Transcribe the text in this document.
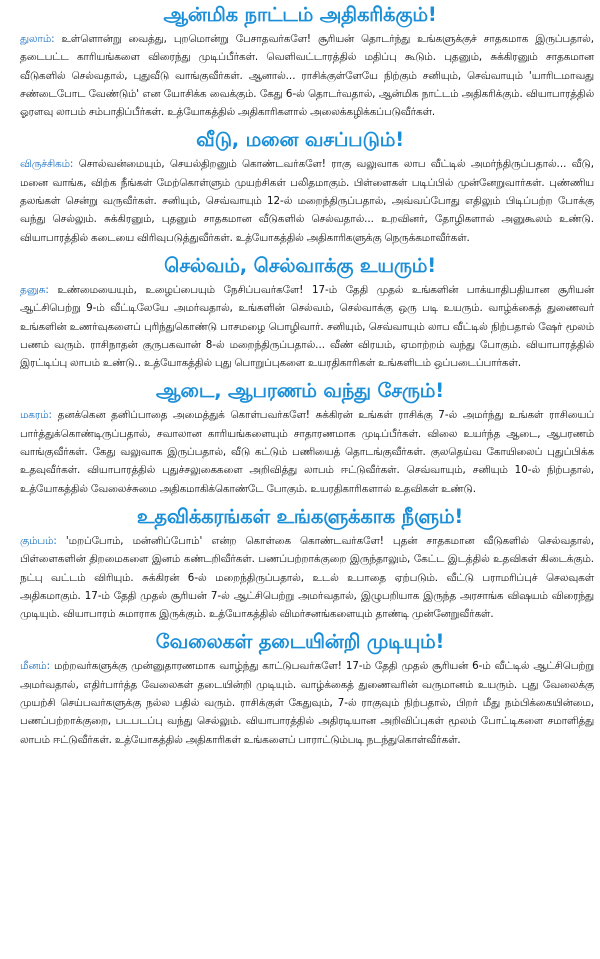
ஆன்மிக நாட்டம் அதிகரிக்கும்!
துலாம்: உள்ளொன்று வைத்து, புறமொன்று பேசாதவர்களே! சூரியன் தொடர்ந்து உங்களுக்குச் சாதகமாக இருப்பதால், தடைபட்ட காரியங்களை விரைந்து முடிப்பீர்கள். வெளிவட்டாரத்தில் மதிப்பு கூடும். புதனும், சுக்கிரனும் சாதகமான வீடுகளில் செல்வதால், புதுவீடு வாங்குவீர்கள். ஆனால்... ராசிக்குள்ளேயே நிற்கும் சனியும், செவ்வாயும் 'யாரிடமாவது சண்டைபோட வேண்டும்' என யோசிக்க வைக்கும். கேது 6-ல் தொடர்வதால், ஆன்மிக நாட்டம் அதிகரிக்கும். வியாபாரத்தில் ஓரளவு லாபம் சம்பாதிப்பீர்கள். உத்யோகத்தில் அதிகாரிகளால் அலைக்கழிக்கப்படுவீர்கள்.
வீடு, மனை வசப்படும்!
விருச்சிகம்: சொல்வன்மையும், செயல்திறனும் கொண்டவர்களே! ராகு வலுவாக லாப வீட்டில் அமர்ந்திருப்பதால்... வீடு, மனை வாங்க, விற்க நீங்கள் மேற்கொள்ளும் முயற்சிகள் பலிதமாகும். பிள்ளைகள் படிப்பில் முன்னேறுவார்கள். புண்ணிய தலங்கள் சென்று வருவீர்கள். சனியும், செவ்வாயும் 12-ல் மறைந்திருப்பதால், அவ்வப்போது எதிலும் பிடிப்பற்ற போக்கு வந்து செல்லும். சுக்கிரனும், புதனும் சாதகமான வீடுகளில் செல்வதால்... உறவினர், தோழிகளால் அனுகூலம் உண்டு. வியாபாரத்தில் கடையை விரிவுபடுத்துவீர்கள். உத்யோகத்தில் அதிகாரிகளுக்கு நெருக்கமாவீர்கள்.
செல்வம், செல்வாக்கு உயரும்!
தனுசு: உண்மையையும், உழைப்பையும் நேசிப்பவர்களே! 17-ம் தேதி முதல் உங்களின் பாக்யாதிபதியான சூரியன் ஆட்சிபெற்று 9-ம் வீட்டிலேயே அமர்வதால், உங்களின் செல்வம், செல்வாக்கு ஒரு படி உயரும். வாழ்க்கைத் துணைவர் உங்களின் உணர்வுகளைப் புரிந்துகொண்டு பாசமழை பொழிவார். சனியும், செவ்வாயும் லாப வீட்டில் நிற்பதால் ஷேர் மூலம் பணம் வரும். ராசிநாதன் குருபகவான் 8-ல் மறைந்திருப்பதால்... வீண் விரயம், ஏமாற்றம் வந்து போகும். வியாபாரத்தில் இரட்டிப்பு லாபம் உண்டு.. உத்யோகத்தில் புது பொறுப்புகளை உயரதிகாரிகள் உங்களிடம் ஒப்படைப்பார்கள்.
ஆடை, ஆபரணம் வந்து சேரும்!
மகரம்: தனக்கென தனிப்பாதை அமைத்துக் கொள்பவர்களே! சுக்கிரன் உங்கள் ராசிக்கு 7-ல் அமர்ந்து உங்கள் ராசியைப் பார்த்துக்கொண்டிருப்பதால், சவாலான காரியங்களையும் சாதாரணமாக முடிப்பீர்கள். விலை உயர்ந்த ஆடை, ஆபரணம் வாங்குவீர்கள். கேது வலுவாக இருப்பதால், வீடு கட்டும் பணியைத் தொடங்குவீர்கள். குலதெய்வ கோயிலைப் புதுப்பிக்க உதவுவீர்கள். வியாபாரத்தில் புதுச்சலுகைகளை அறிவித்து லாபம் ஈட்டுவீர்கள். செவ்வாயும், சனியும் 10-ல் நிற்பதால், உத்யோகத்தில் வேலைச்சுமை அதிகமாகிக்கொண்டே போகும். உயரதிகாரிகளால் உதவிகள் உண்டு.
உதவிக்கரங்கள் உங்களுக்காக நீளும்!
கும்பம்: 'மறப்போம், மன்னிப்போம்' என்ற கொள்கை கொண்டவர்களே! புதன் சாதகமான வீடுகளில் செல்வதால், பிள்ளைகளின் திறமைகளை இனம் கண்டறிவீர்கள். பணப்பற்றாக்குறை இருந்தாலும், கேட்ட இடத்தில் உதவிகள் கிடைக்கும். நட்பு வட்டம் விரியும். சுக்கிரன் 6-ல் மறைந்திருப்பதால், உடல் உபாதை ஏற்படும். வீட்டு பராமரிப்புச் செலவுகள் அதிகமாகும். 17-ம் தேதி முதல் சூரியன் 7-ல் ஆட்சிபெற்று அமர்வதால், இழுபறியாக இருந்த அரசாங்க விஷயம் விரைந்து முடியும். வியாபாரம் சுமாராக இருக்கும். உத்யோகத்தில் விமர்சனங்களையும் தாண்டி முன்னேறுவீர்கள்.
வேலைகள் தடையின்றி முடியும்!
மீனம்: மற்றவர்களுக்கு முன்னுதாரணமாக வாழ்ந்து காட்டுபவர்களே! 17-ம் தேதி முதல் சூரியன் 6-ம் வீட்டில் ஆட்சிபெற்று அமர்வதால், எதிர்பார்த்த வேலைகள் தடையின்றி முடியும். வாழ்க்கைத் துணைவரின் வருமானம் உயரும். புது வேலைக்கு முயற்சி செய்பவர்களுக்கு நல்ல பதில் வரும். ராசிக்குள் கேதுவும், 7-ல் ராகுவும் நிற்பதால், பிறர் மீது நம்பிக்கையின்மை, பணப்பற்றாக்குறை, படபடப்பு வந்து செல்லும். வியாபாரத்தில் அதிரடியான அறிவிப்புகள் மூலம் போட்டிகளை சமாளித்து லாபம் ஈட்டுவீர்கள். உத்யோகத்தில் அதிகாரிகள் உங்களைப் பாராட்டும்படி நடந்துகொள்வீர்கள்.
